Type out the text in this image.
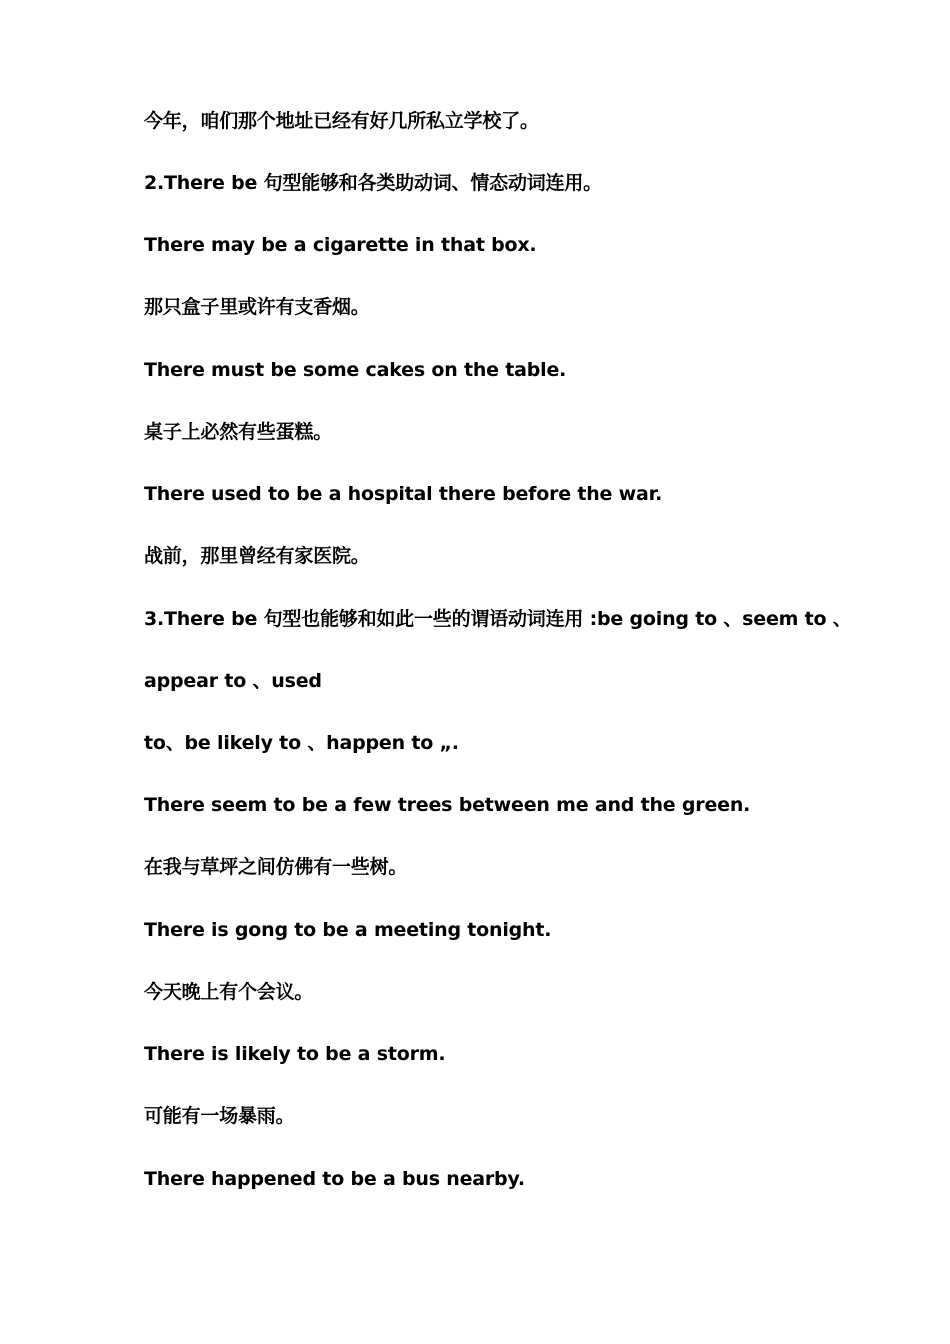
今年，咱们那个地址已经有好几所私立学校了。
2.There be 句型能够和各类助动词、情态动词连用。
There may be a cigarette in that box.
那只盒子里或许有支香烟。
There must be some cakes on the table.
桌子上必然有些蛋糕。
There used to be a hospital there before the war.
战前，那里曾经有家医院。
3.There be 句型也能够和如此一些的谓语动词连用 :be going to 、seem to 、
appear to 、used
to、be likely to 、happen to „.
There seem to be a few trees between me and the green.
在我与草坪之间仿佛有一些树。
There is gong to be a meeting tonight.
今天晚上有个会议。
There is likely to be a storm.
可能有一场暴雨。
There happened to be a bus nearby.
